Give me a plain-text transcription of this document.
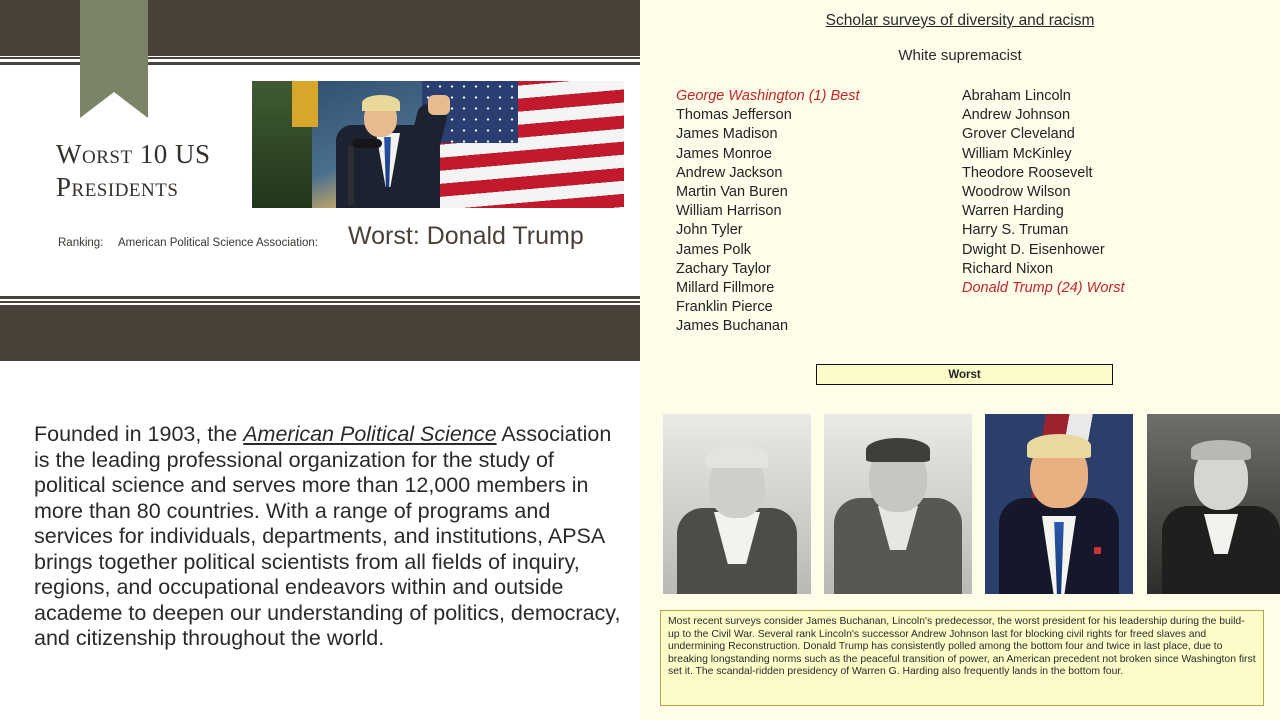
Worst 10 US
Presidents
Ranking: American Political Science Association: Worst: Donald Trump
Founded in 1903, the American Political Science Association is the leading professional organization for the study of political science and serves more than 12,000 members in more than 80 countries. With a range of programs and services for individuals, departments, and institutions, APSA brings together political scientists from all fields of inquiry, regions, and occupational endeavors within and outside academe to deepen our understanding of politics, democracy, and citizenship throughout the world.
Scholar surveys of diversity and racism
White supremacist
George Washington (1) Best
Thomas Jefferson
James Madison
James Monroe
Andrew Jackson
Martin Van Buren
William Harrison
John Tyler
James Polk
Zachary Taylor
Millard Fillmore
Franklin Pierce
James Buchanan
Abraham Lincoln
Andrew Johnson
Grover Cleveland
William McKinley
Theodore Roosevelt
Woodrow Wilson
Warren Harding
Harry S. Truman
Dwight D. Eisenhower
Richard Nixon
Donald Trump (24) Worst
Worst
Most recent surveys consider James Buchanan, Lincoln's predecessor, the worst president for his leadership during the build-up to the Civil War. Several rank Lincoln's successor Andrew Johnson last for blocking civil rights for freed slaves and undermining Reconstruction. Donald Trump has consistently polled among the bottom four and twice in last place, due to breaking longstanding norms such as the peaceful transition of power, an American precedent not broken since Washington first set it. The scandal-ridden presidency of Warren G. Harding also frequently lands in the bottom four.
